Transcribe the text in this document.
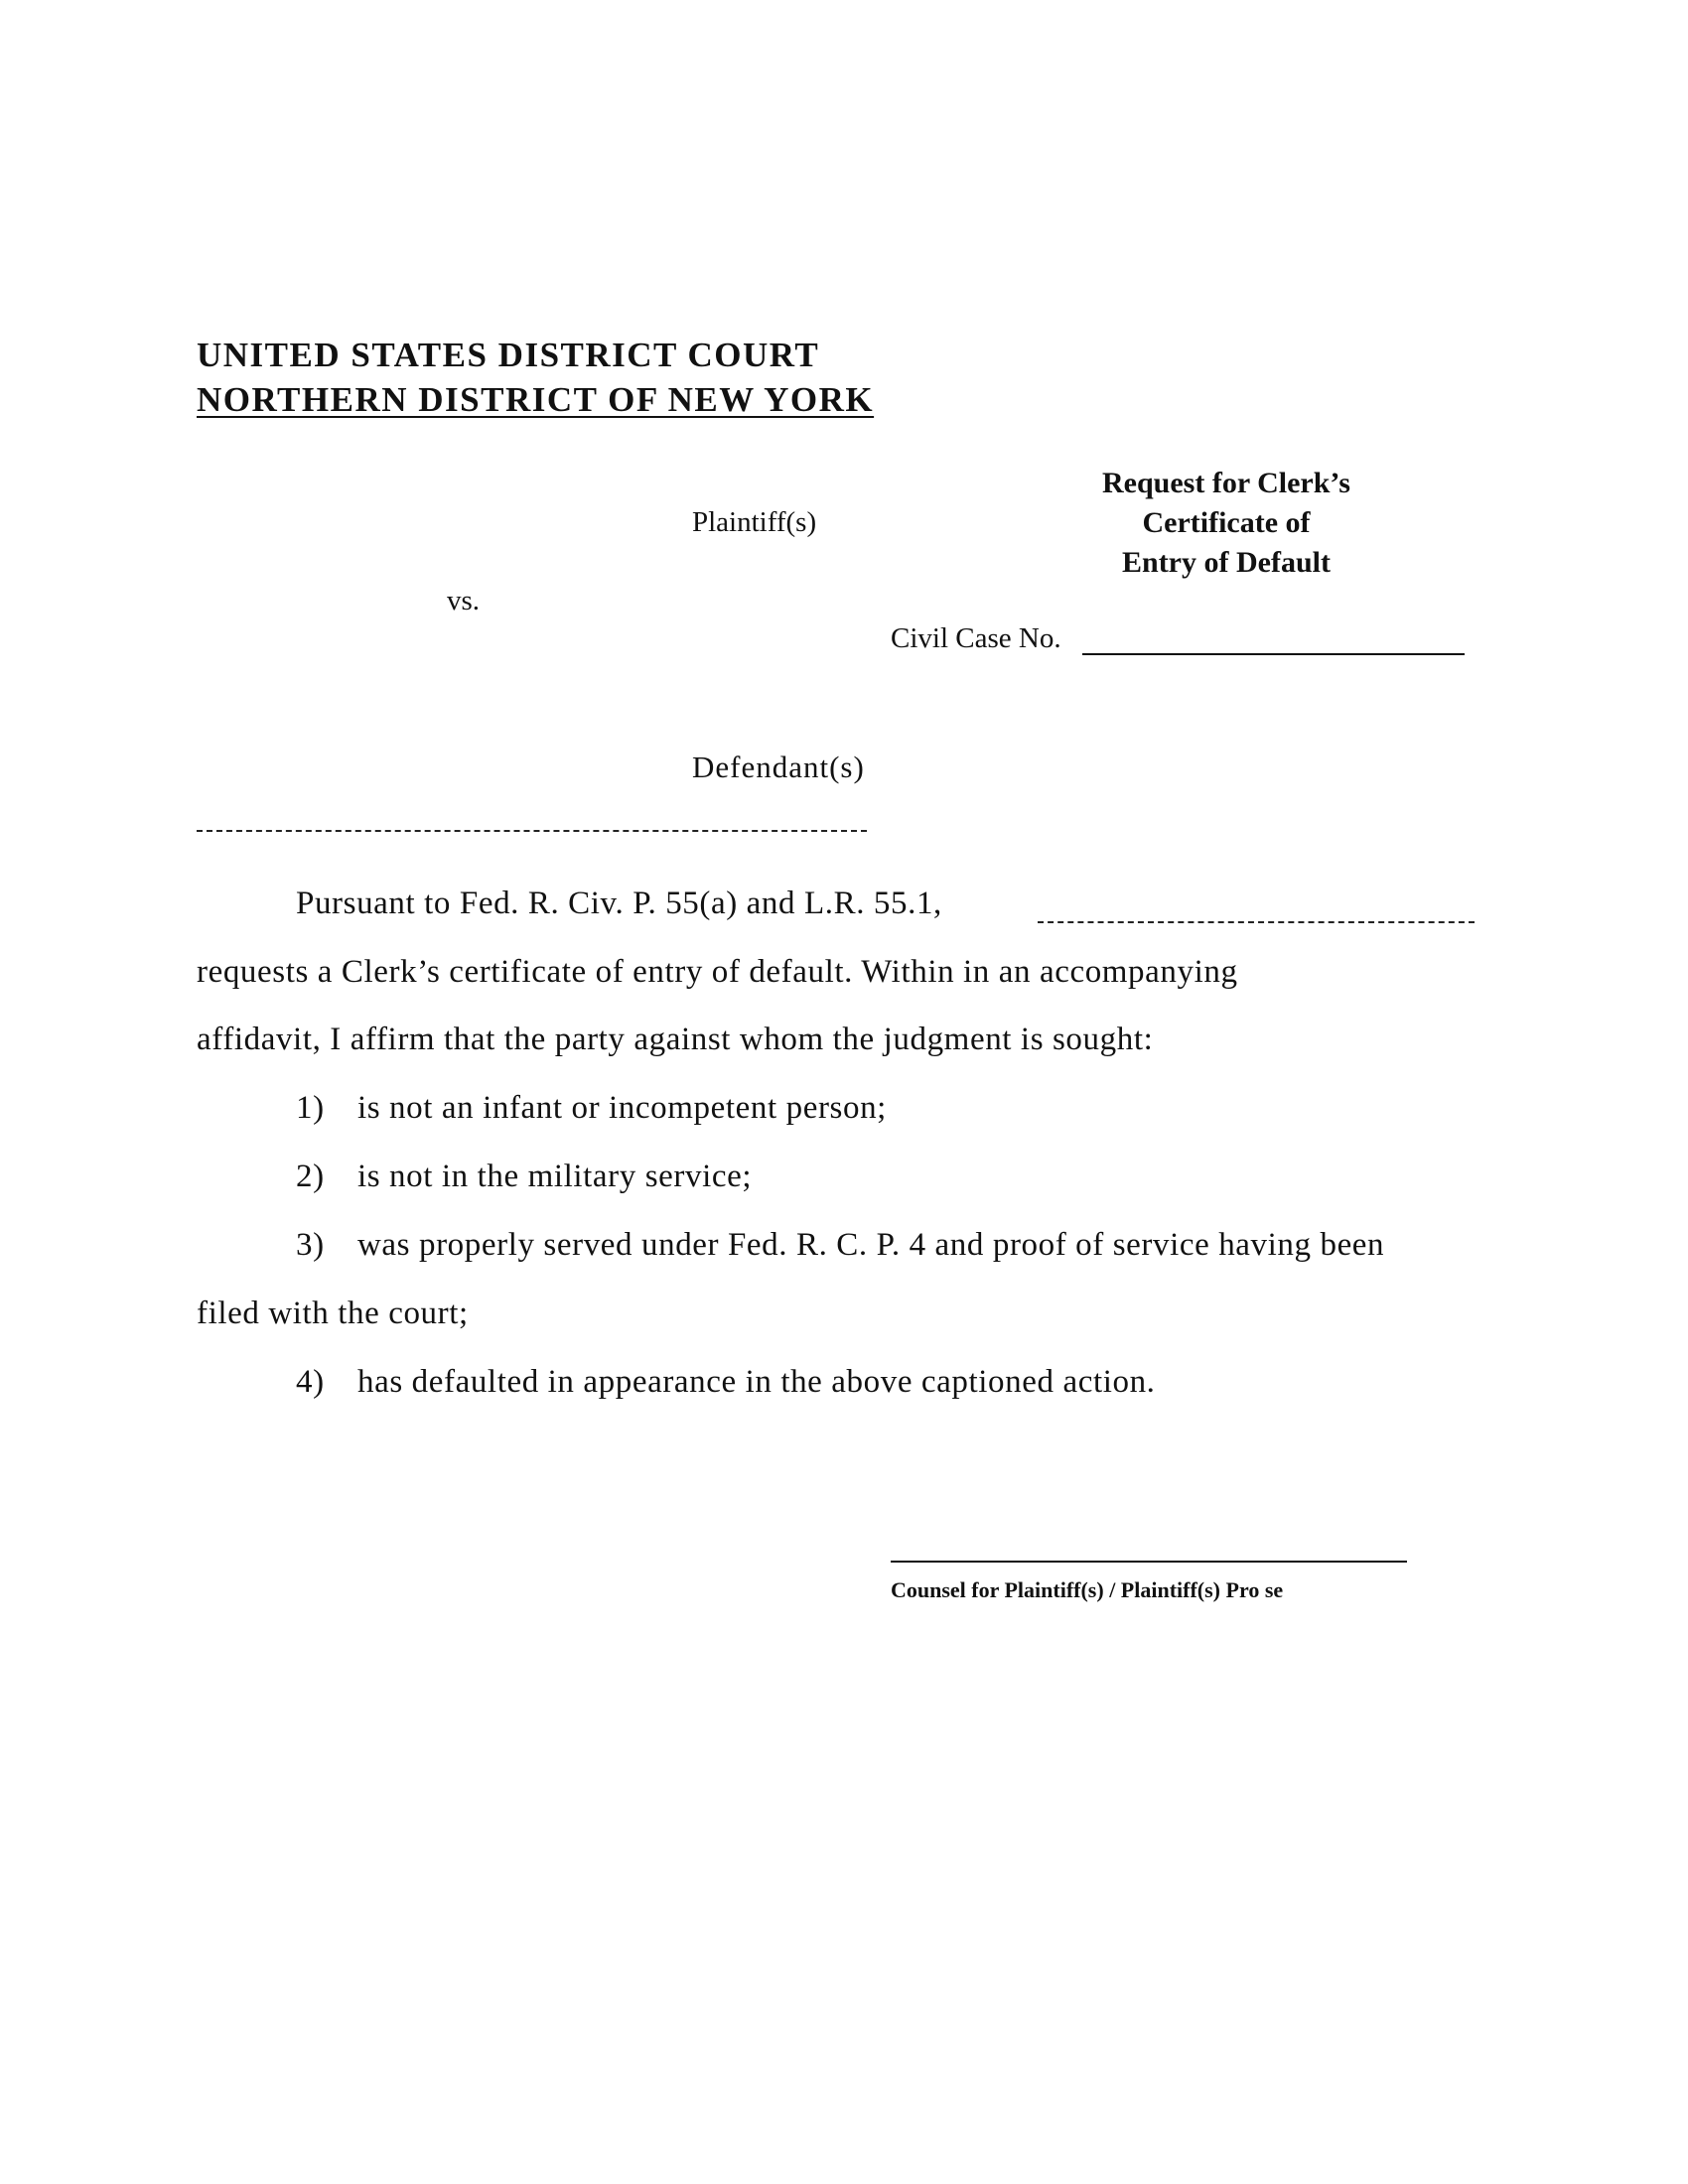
UNITED STATES DISTRICT COURT
NORTHERN DISTRICT OF NEW YORK
Request for Clerk’s
Certificate of
Entry of Default
Plaintiff(s)
vs.
Civil Case No.
Defendant(s)
Pursuant to Fed. R. Civ. P. 55(a) and L.R. 55.1,
requests a Clerk’s certificate of entry of default. Within in an accompanying
affidavit, I affirm that the party against whom the judgment is sought:
1) is not an infant or incompetent person;
2) is not in the military service;
3) was properly served under Fed. R. C. P. 4 and proof of service having been
filed with the court;
4) has defaulted in appearance in the above captioned action.
Counsel for Plaintiff(s) / Plaintiff(s) Pro se
